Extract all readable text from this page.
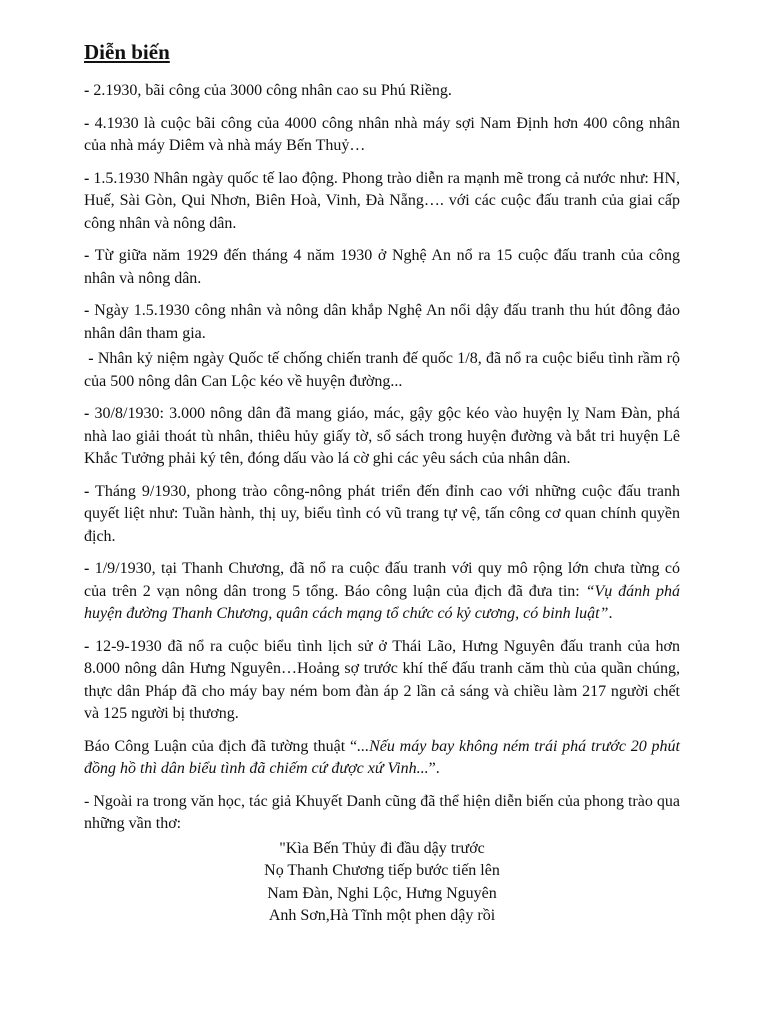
Diễn biến

- 2.1930, bãi công của 3000 công nhân cao su Phú Riềng.

- 4.1930 là cuộc bãi công của 4000 công nhân nhà máy sợi Nam Định hơn 400 công nhân của nhà máy Diêm và nhà máy Bến Thuỷ…

- 1.5.1930 Nhân ngày quốc tế lao động. Phong trào diễn ra mạnh mẽ trong cả nước như: HN, Huế, Sài Gòn, Qui Nhơn, Biên Hoà, Vinh, Đà Nẵng…. với các cuộc đấu tranh của giai cấp công nhân và nông dân.

- Từ giữa năm 1929 đến tháng 4 năm 1930 ở Nghệ An nổ ra 15 cuộc đấu tranh của công nhân và nông dân.

- Ngày 1.5.1930 công nhân và nông dân khắp Nghệ An nổi dậy đấu tranh thu hút đông đảo nhân dân tham gia.

- Nhân kỷ niệm ngày Quốc tế chống chiến tranh đế quốc 1/8, đã nổ ra cuộc biểu tình rầm rộ của 500 nông dân Can Lộc kéo về huyện đường...

- 30/8/1930: 3.000 nông dân đã mang giáo, mác, gậy gộc kéo vào huyện lỵ Nam Đàn, phá nhà lao giải thoát tù nhân, thiêu hủy giấy tờ, sổ sách trong huyện đường và bắt tri huyện Lê Khắc Tưởng phải ký tên, đóng dấu vào lá cờ ghi các yêu sách của nhân dân.

- Tháng 9/1930, phong trào công-nông phát triển đến đỉnh cao với những cuộc đấu tranh quyết liệt như: Tuần hành, thị uy, biểu tình có vũ trang tự vệ, tấn công cơ quan chính quyền địch.

- 1/9/1930, tại Thanh Chương, đã nổ ra cuộc đấu tranh với quy mô rộng lớn chưa từng có của trên 2 vạn nông dân trong 5 tổng. Báo công luận của địch đã đưa tin: “Vụ đánh phá huyện đường Thanh Chương, quân cách mạng tổ chức có kỷ cương, có binh luật”.

- 12-9-1930 đã nổ ra cuộc biểu tình lịch sử ở Thái Lão, Hưng Nguyên đấu tranh của hơn 8.000 nông dân Hưng Nguyên…Hoảng sợ trước khí thế đấu tranh căm thù của quần chúng, thực dân Pháp đã cho máy bay ném bom đàn áp 2 lần cả sáng và chiều làm 217 người chết và 125 người bị thương.

Báo Công Luận của địch đã tường thuật “...Nếu máy bay không ném trái phá trước 20 phút đồng hồ thì dân biểu tình đã chiếm cứ được xứ Vinh...”.

- Ngoài ra trong văn học, tác giả Khuyết Danh cũng đã thể hiện diễn biến của phong trào qua những vần thơ:

"Kìa Bến Thủy đi đầu dậy trước
Nọ Thanh Chương tiếp bước tiến lên
Nam Đàn, Nghi Lộc, Hưng Nguyên
Anh Sơn,Hà Tĩnh một phen dậy rồi
